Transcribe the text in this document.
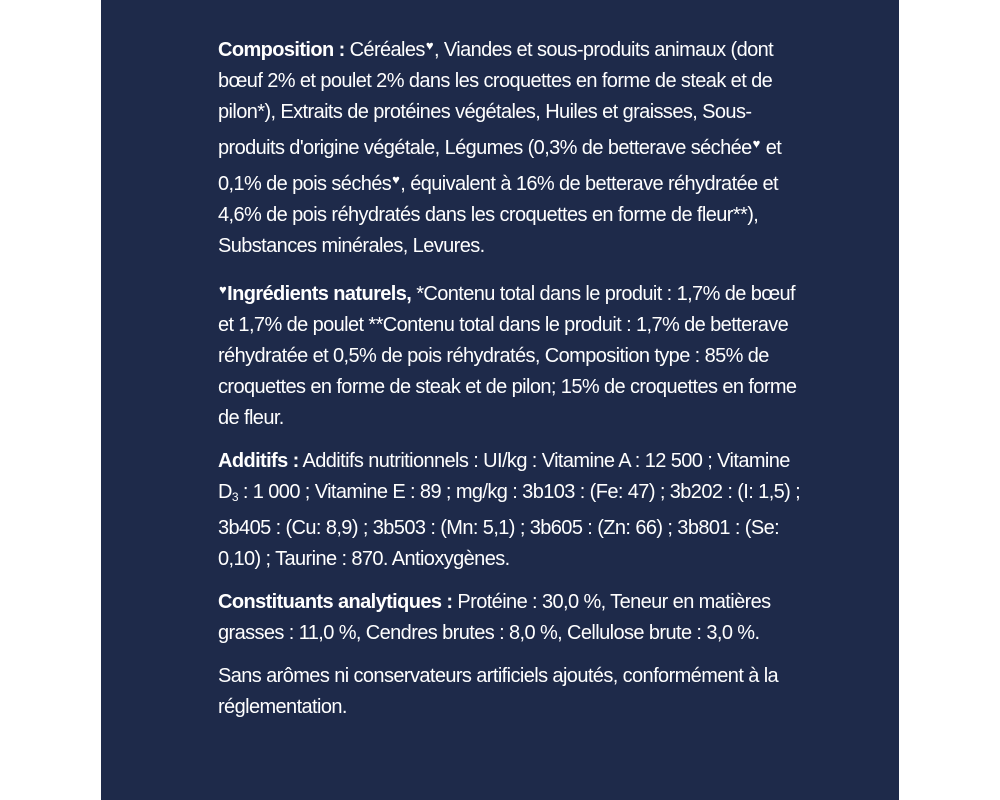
Composition : Céréales♥, Viandes et sous-produits animaux (dont bœuf 2% et poulet 2% dans les croquettes en forme de steak et de pilon*), Extraits de protéines végétales, Huiles et graisses, Sous-produits d'origine végétale, Légumes (0,3% de betterave séchée♥ et 0,1% de pois séchés♥, équivalent à 16% de betterave réhydratée et 4,6% de pois réhydratés dans les croquettes en forme de fleur**), Substances minérales, Levures.

♥Ingrédients naturels, *Contenu total dans le produit : 1,7% de bœuf et 1,7% de poulet **Contenu total dans le produit : 1,7% de betterave réhydratée et 0,5% de pois réhydratés, Composition type : 85% de croquettes en forme de steak et de pilon; 15% de croquettes en forme de fleur.

Additifs : Additifs nutritionnels : UI/kg : Vitamine A : 12 500 ; Vitamine $D_3$ : 1 000 ; Vitamine E : 89 ; mg/kg : 3b103 : (Fe: 47) ; 3b202 : (I: 1,5) ; 3b405 : (Cu: 8,9) ; 3b503 : (Mn: 5,1) ; 3b605 : (Zn: 66) ; 3b801 : (Se: 0,10) ; Taurine : 870. Antioxygènes.

Constituants analytiques : Protéine : 30,0 %, Teneur en matières grasses : 11,0 %, Cendres brutes : 8,0 %, Cellulose brute : 3,0 %.

Sans arômes ni conservateurs artificiels ajoutés, conformément à la réglementation.
